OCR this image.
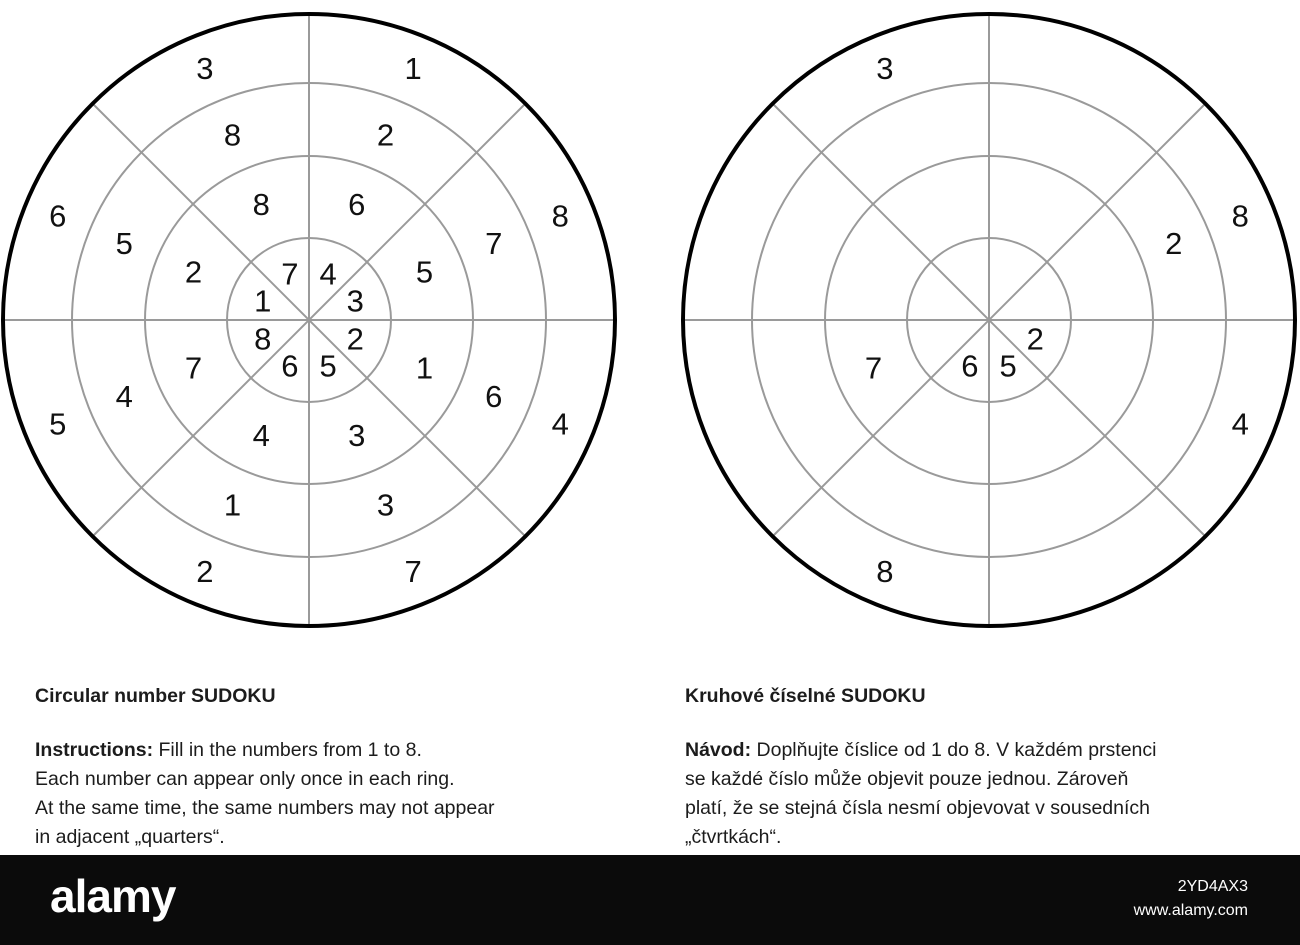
4
3
2
5
6
8
1
7
6
5
1
3
4
7
2
8
2
7
6
3
1
4
5
8
1
8
4
7
2
5
6
3
2
5
6
7
2
8
4
8
3
Circular number SUDOKU

Instructions: Fill in the numbers from 1 to 8.

Each number can appear only once in each ring.

At the same time, the same numbers may not appear

in adjacent „quarters“.

Kruhové číselné SUDOKU

Návod: Doplňujte číslice od 1 do 8. V každém prstenci

se každé číslo může objevit pouze jednou. Zároveň

platí, že se stejná čísla nesmí objevovat v sousedních

„čtvrtkách“.

alamy	2YD4AX3
www.alamy.com
